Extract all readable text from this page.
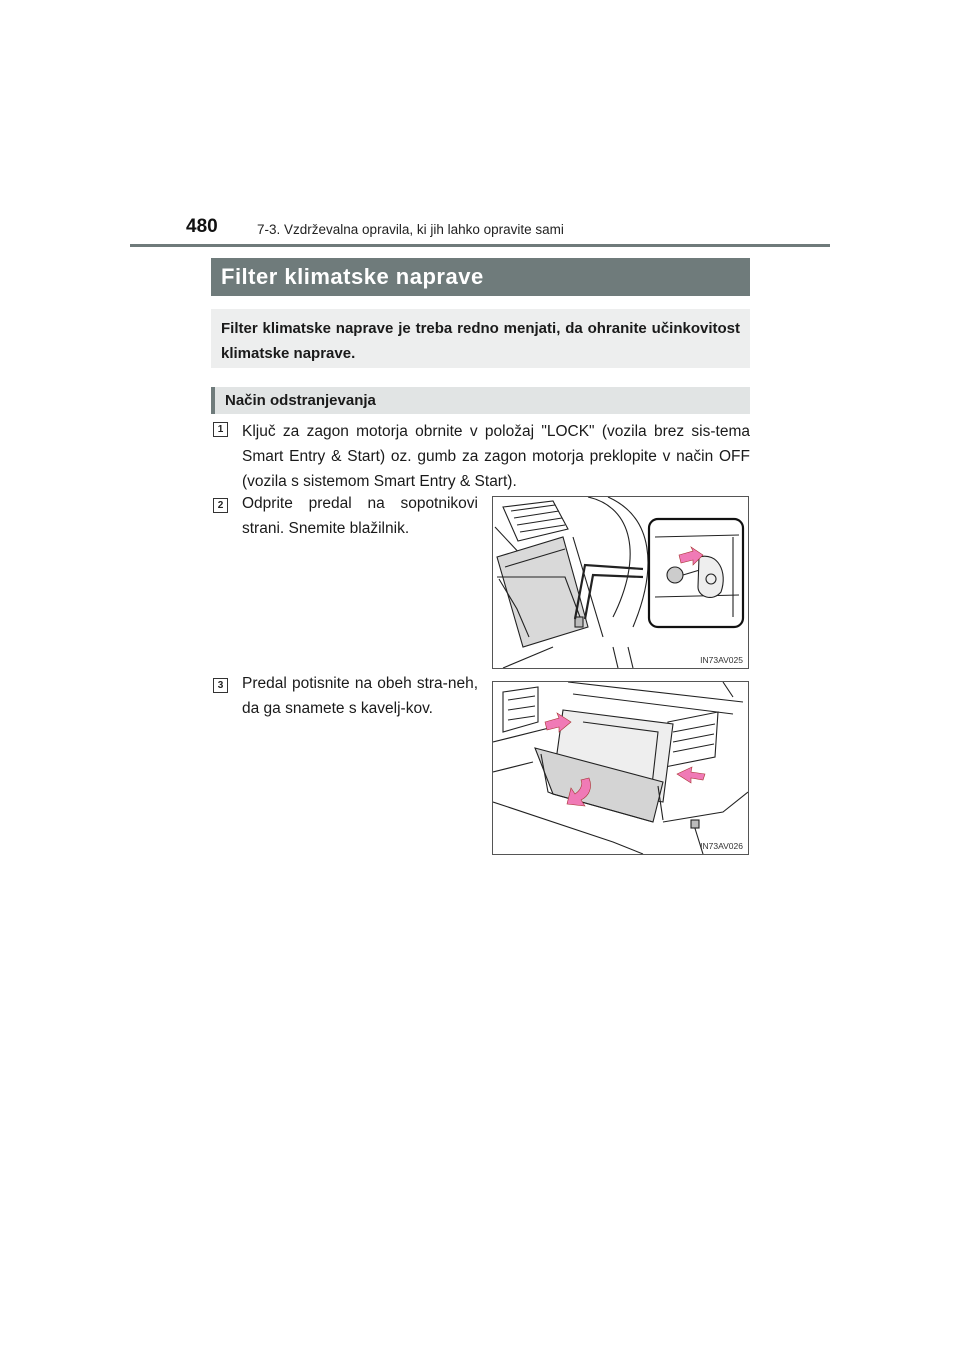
480	7-3. Vzdrževalna opravila, ki jih lahko opravite sami
Filter klimatske naprave
Filter klimatske naprave je treba redno menjati, da ohranite učinkovitost klimatske naprave.
Način odstranjevanja
1	Ključ za zagon motorja obrnite v položaj "LOCK" (vozila brez sis-tema Smart Entry & Start) oz. gumb za zagon motorja preklopite v način OFF (vozila s sistemom Smart Entry & Start).
2	Odprite predal na sopotnikovi strani. Snemite blažilnik.
IN73AV025
3	Predal potisnite na obeh stra-neh, da ga snamete s kavelj-kov.
IN73AV026
